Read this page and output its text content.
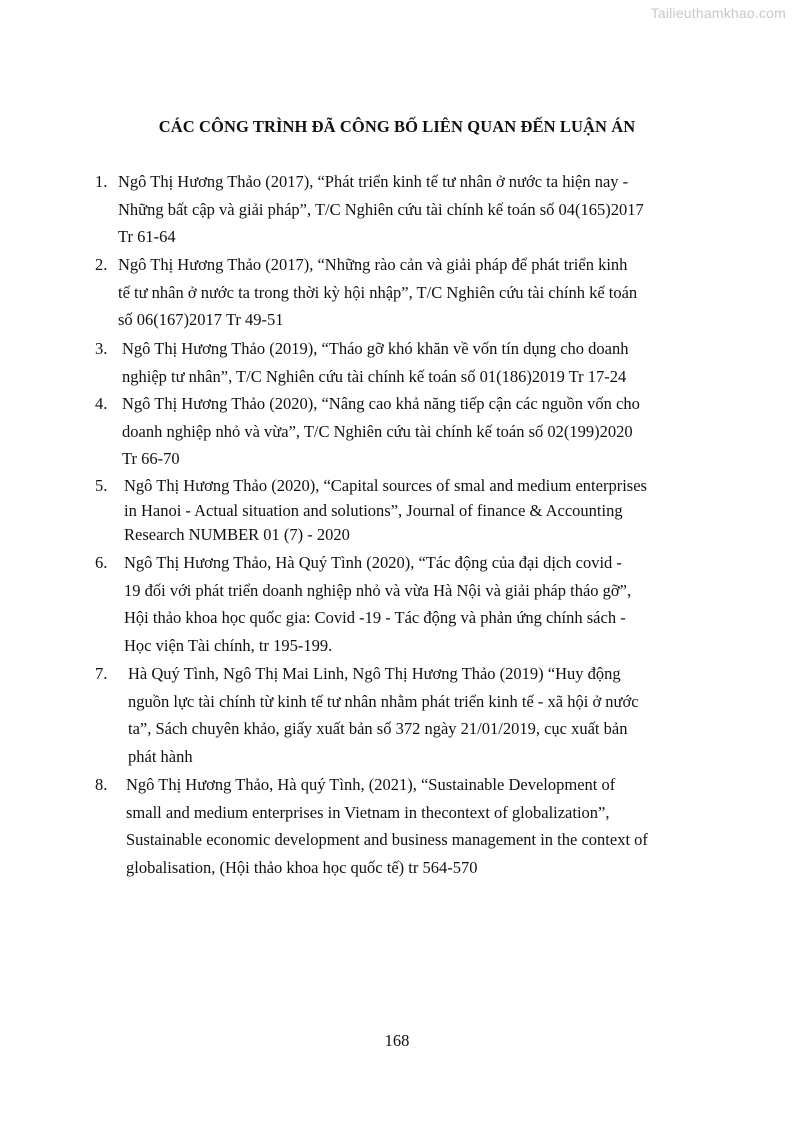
Tailieuthamkhao.com
CÁC CÔNG TRÌNH ĐÃ CÔNG BỐ LIÊN QUAN ĐẾN LUẬN ÁN
1. Ngô Thị Hương Thảo (2017), “Phát triển kinh tế tư nhân ở nước ta hiện nay -
Những bất cập và giải pháp”, T/C Nghiên cứu tài chính kế toán số 04(165)2017
Tr 61-64
2. Ngô Thị Hương Thảo (2017), “Những rào cản và giải pháp để phát triển kinh
tế tư nhân ở nước ta trong thời kỳ hội nhập”, T/C Nghiên cứu tài chính kế toán
số 06(167)2017 Tr 49-51
3. Ngô Thị Hương Thảo (2019), “Tháo gỡ khó khăn về vốn tín dụng cho doanh
nghiệp tư nhân”, T/C Nghiên cứu tài chính kế toán số 01(186)2019 Tr 17-24
4. Ngô Thị Hương Thảo (2020), “Nâng cao khả năng tiếp cận các nguồn vốn cho
doanh nghiệp nhỏ và vừa”, T/C Nghiên cứu tài chính kế toán số 02(199)2020
Tr 66-70
5. Ngô Thị Hương Thảo (2020), “Capital sources of smal and medium enterprises
in Hanoi - Actual situation and solutions”, Journal of finance & Accounting
Research NUMBER 01 (7) - 2020
6. Ngô Thị Hương Thảo, Hà Quý Tình (2020), “Tác động của đại dịch covid -
19 đối với phát triển doanh nghiệp nhỏ và vừa Hà Nội và giải pháp tháo gỡ”,
Hội thảo khoa học quốc gia: Covid -19 - Tác động và phản ứng chính sách -
Học viện Tài chính, tr 195-199.
7. Hà Quý Tình, Ngô Thị Mai Linh, Ngô Thị Hương Thảo (2019) “Huy động
nguồn lực tài chính từ kinh tế tư nhân nhằm phát triển kinh tế - xã hội ở nước
ta”, Sách chuyên khảo, giấy xuất bản số 372 ngày 21/01/2019, cục xuất bản
phát hành
8. Ngô Thị Hương Thảo, Hà quý Tình, (2021), “Sustainable Development of
small and medium enterprises in Vietnam in thecontext of globalization”,
Sustainable economic development and business management in the context of
globalisation, (Hội thảo khoa học quốc tế) tr 564-570
168
